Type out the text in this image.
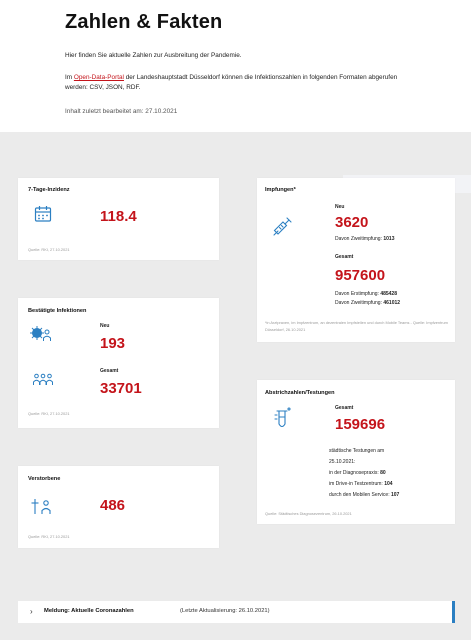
Zahlen & Fakten

Hier finden Sie aktuelle Zahlen zur Ausbreitung der Pandemie.

Im Open-Data-Portal der Landeshauptstadt Düsseldorf können die Infektionszahlen in folgenden Formaten abgerufen werden: CSV, JSON, RDF.

Inhalt zuletzt bearbeitet am: 27.10.2021

7-Tage-Inzidenz
118.4
Quelle: RKI, 27.10.2021
Bestätigte Infektionen
Neu
193
Gesamt
33701
Quelle: RKI, 27.10.2021
Verstorbene
486
Quelle: RKI, 27.10.2021
Impfungen*
Neu
3620
Davon Zweitimpfung: 1013
Gesamt
957600
Davon Erstimpfung: 485428
Davon Zweitimpfung: 461012
*in Arztpraxen, im Impfzentrum, an dezentralen Impfstellen und durch Mobile Teams - Quelle: Impfzentrum Düsseldorf, 26.10.2021
Abstrichzahlen/Testungen
Gesamt
159696
städtische Testungen am
25.10.2021:
in der Diagnosepraxis: 80
im Drive-in Testzentrum: 104
durch den Mobilen Service: 107
Quelle: Städtisches Diagnosezentrum, 26.10.2021
› Meldung: Aktuelle Coronazahlen	(Letzte Aktualisierung: 26.10.2021)
